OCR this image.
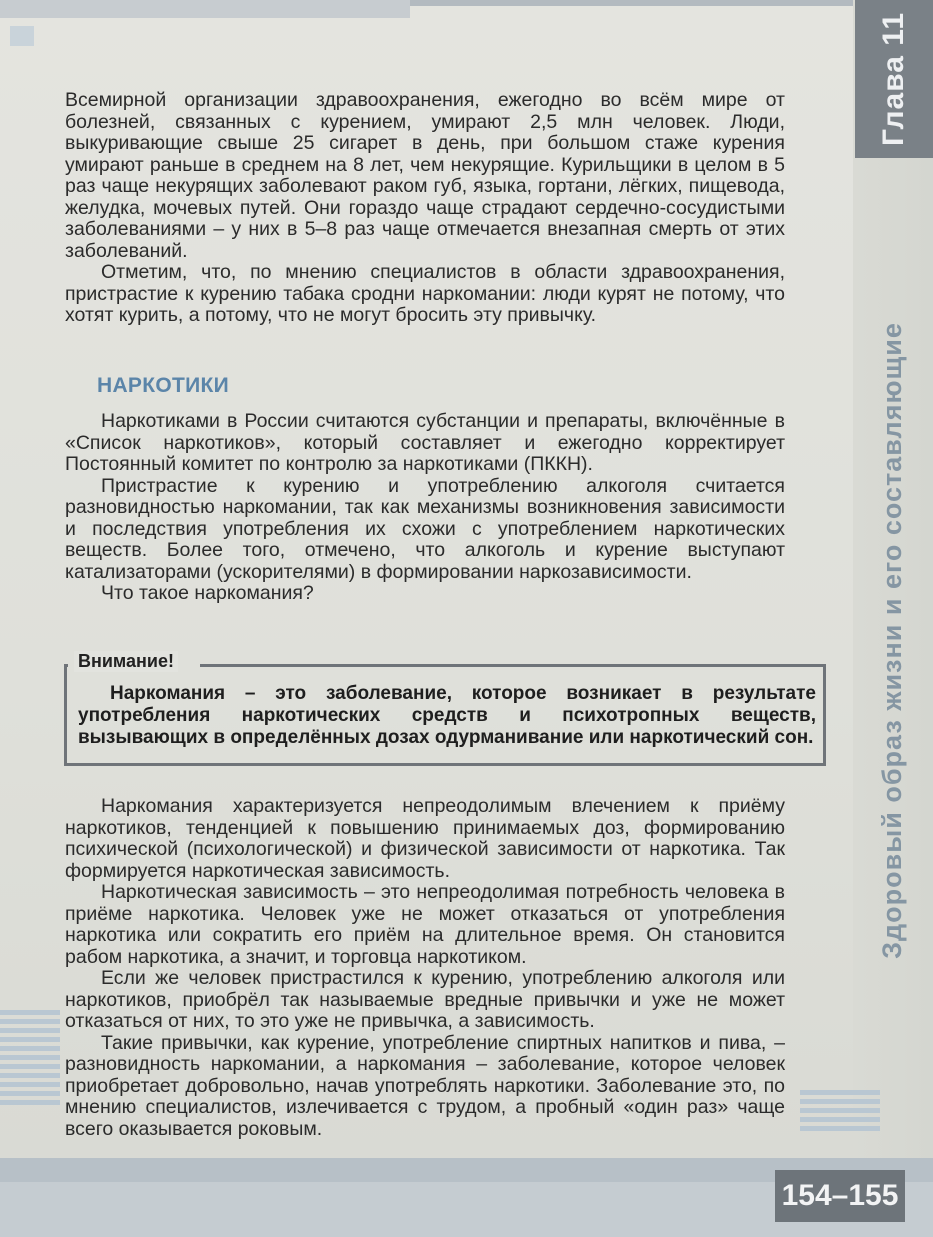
Глава 11
Здоровый образ жизни и его составляющие

Всемирной организации здравоохранения, ежегодно во всём мире от болезней, связанных с курением, умирают 2,5 млн человек. Люди, выкуривающие свыше 25 сигарет в день, при большом стаже курения умирают раньше в среднем на 8 лет, чем некурящие. Курильщики в целом в 5 раз чаще некурящих заболевают раком губ, языка, гортани, лёгких, пищевода, желудка, мочевых путей. Они гораздо чаще страдают сердечно-сосудистыми заболеваниями – у них в 5–8 раз чаще отмечается внезапная смерть от этих заболеваний.

Отметим, что, по мнению специалистов в области здравоохранения, пристрастие к курению табака сродни наркомании: люди курят не потому, что хотят курить, а потому, что не могут бросить эту привычку.

НАРКОТИКИ

Наркотиками в России считаются субстанции и препараты, включённые в «Список наркотиков», который составляет и ежегодно корректирует Постоянный комитет по контролю за наркотиками (ПККН).

Пристрастие к курению и употреблению алкоголя считается разновидностью наркомании, так как механизмы возникновения зависимости и последствия употребления их схожи с употреблением наркотических веществ. Более того, отмечено, что алкоголь и курение выступают катализаторами (ускорителями) в формировании наркозависимости.

Что такое наркомания?

Внимание!

Наркомания – это заболевание, которое возникает в результате употребления наркотических средств и психотропных веществ, вызывающих в определённых дозах одурманивание или наркотический сон.

Наркомания характеризуется непреодолимым влечением к приёму наркотиков, тенденцией к повышению принимаемых доз, формированию психической (психологической) и физической зависимости от наркотика. Так формируется наркотическая зависимость.

Наркотическая зависимость – это непреодолимая потребность человека в приёме наркотика. Человек уже не может отказаться от употребления наркотика или сократить его приём на длительное время. Он становится рабом наркотика, а значит, и торговца наркотиком.

Если же человек пристрастился к курению, употреблению алкоголя или наркотиков, приобрёл так называемые вредные привычки и уже не может отказаться от них, то это уже не привычка, а зависимость.

Такие привычки, как курение, употребление спиртных напитков и пива, – разновидность наркомании, а наркомания – заболевание, которое человек приобретает добровольно, начав употреблять наркотики. Заболевание это, по мнению специалистов, излечивается с трудом, а пробный «один раз» чаще всего оказывается роковым.

154–155
